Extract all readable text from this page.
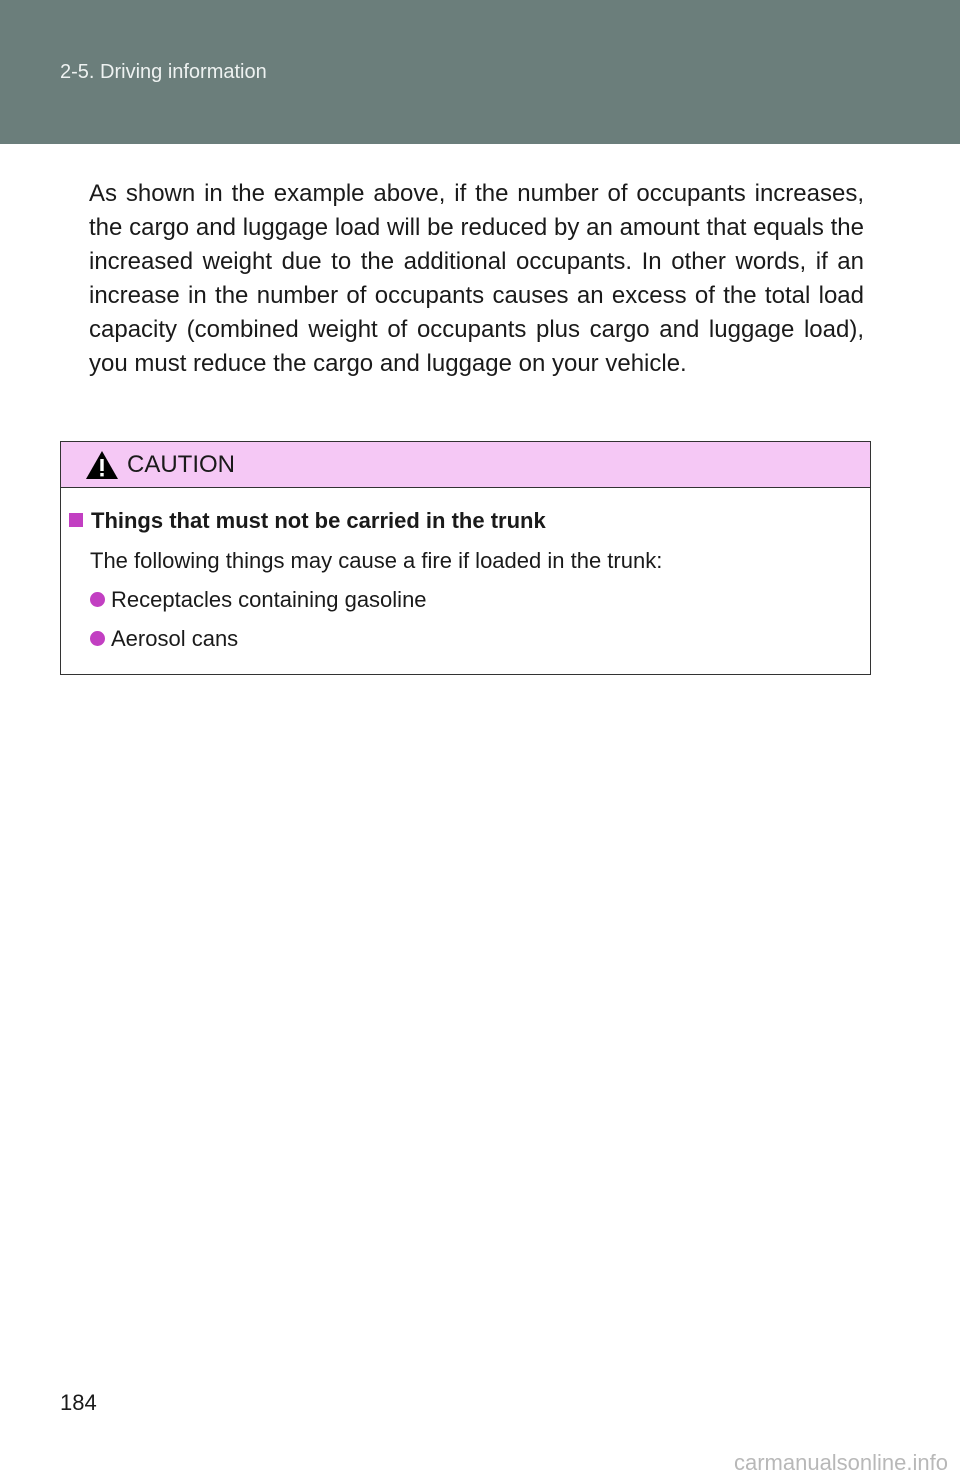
2-5. Driving information

As shown in the example above, if the number of occupants increases, the cargo and luggage load will be reduced by an amount that equals the increased weight due to the additional occupants. In other words, if an increase in the number of occupants causes an excess of the total load capacity (combined weight of occupants plus cargo and luggage load), you must reduce the cargo and luggage on your vehicle.

CAUTION
Things that must not be carried in the trunk
The following things may cause a fire if loaded in the trunk:
Receptacles containing gasoline
Aerosol cans
184
carmanualsonline.info
